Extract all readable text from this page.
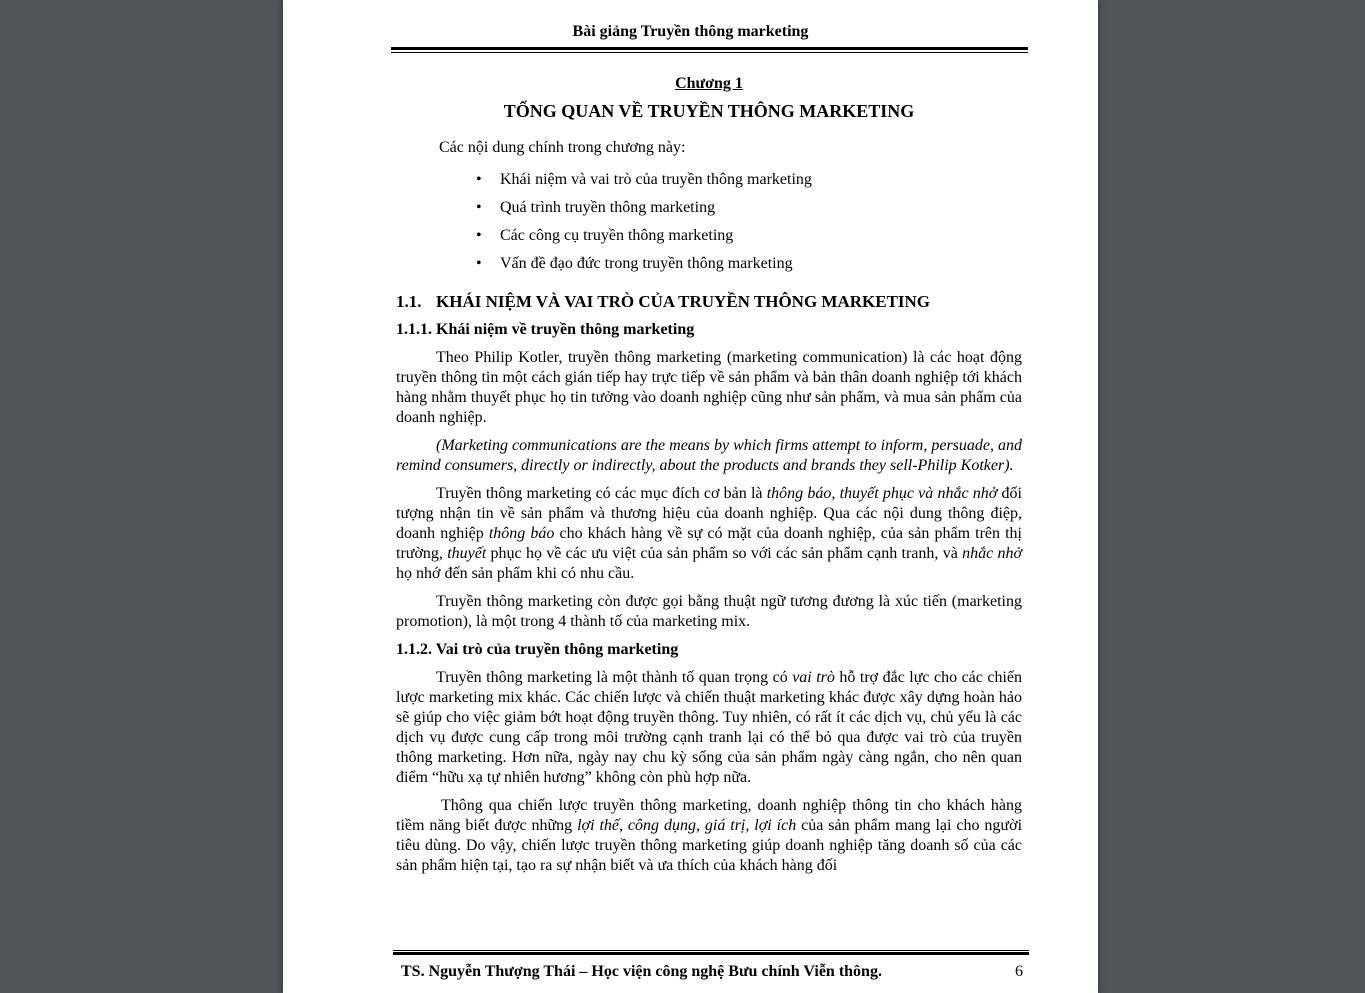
Bài giảng Truyền thông marketing

Chương 1

TỔNG QUAN VỀ TRUYỀN THÔNG MARKETING

Các nội dung chính trong chương này:

• Khái niệm và vai trò của truyền thông marketing
• Quá trình truyền thông marketing
• Các công cụ truyền thông marketing
• Vấn đề đạo đức trong truyền thông marketing

1.1. KHÁI NIỆM VÀ VAI TRÒ CỦA TRUYỀN THÔNG MARKETING

1.1.1. Khái niệm về truyền thông marketing

Theo Philip Kotler, truyền thông marketing (marketing communication) là các hoạt động truyền thông tin một cách gián tiếp hay trực tiếp về sản phẩm và bản thân doanh nghiệp tới khách hàng nhằm thuyết phục họ tin tưởng vào doanh nghiệp cũng như sản phẩm, và mua sản phẩm của doanh nghiệp.

(Marketing communications are the means by which firms attempt to inform, persuade, and remind consumers, directly or indirectly, about the products and brands they sell-Philip Kotker).

Truyền thông marketing có các mục đích cơ bản là thông báo, thuyết phục và nhắc nhở đối tượng nhận tin về sản phẩm và thương hiệu của doanh nghiệp. Qua các nội dung thông điệp, doanh nghiệp thông báo cho khách hàng về sự có mặt của doanh nghiệp, của sản phẩm trên thị trường, thuyết phục họ về các ưu việt của sản phẩm so với các sản phẩm cạnh tranh, và nhắc nhở họ nhớ đến sản phẩm khi có nhu cầu.

Truyền thông marketing còn được gọi bằng thuật ngữ tương đương là xúc tiến (marketing promotion), là một trong 4 thành tố của marketing mix.

1.1.2. Vai trò của truyền thông marketing

Truyền thông marketing là một thành tố quan trọng có vai trò hỗ trợ đắc lực cho các chiến lược marketing mix khác. Các chiến lược và chiến thuật marketing khác được xây dựng hoàn hảo sẽ giúp cho việc giảm bớt hoạt động truyền thông. Tuy nhiên, có rất ít các dịch vụ, chủ yếu là các dịch vụ được cung cấp trong môi trường cạnh tranh lại có thể bỏ qua được vai trò của truyền thông marketing. Hơn nữa, ngày nay chu kỳ sống của sản phẩm ngày càng ngắn, cho nên quan điểm “hữu xạ tự nhiên hương” không còn phù hợp nữa.

Thông qua chiến lược truyền thông marketing, doanh nghiệp thông tin cho khách hàng tiềm năng biết được những lợi thế, công dụng, giá trị, lợi ích của sản phẩm mang lại cho người tiêu dùng. Do vậy, chiến lược truyền thông marketing giúp doanh nghiệp tăng doanh số của các sản phẩm hiện tại, tạo ra sự nhận biết và ưa thích của khách hàng đối

TS. Nguyễn Thượng Thái – Học viện công nghệ Bưu chính Viễn thông.	6
